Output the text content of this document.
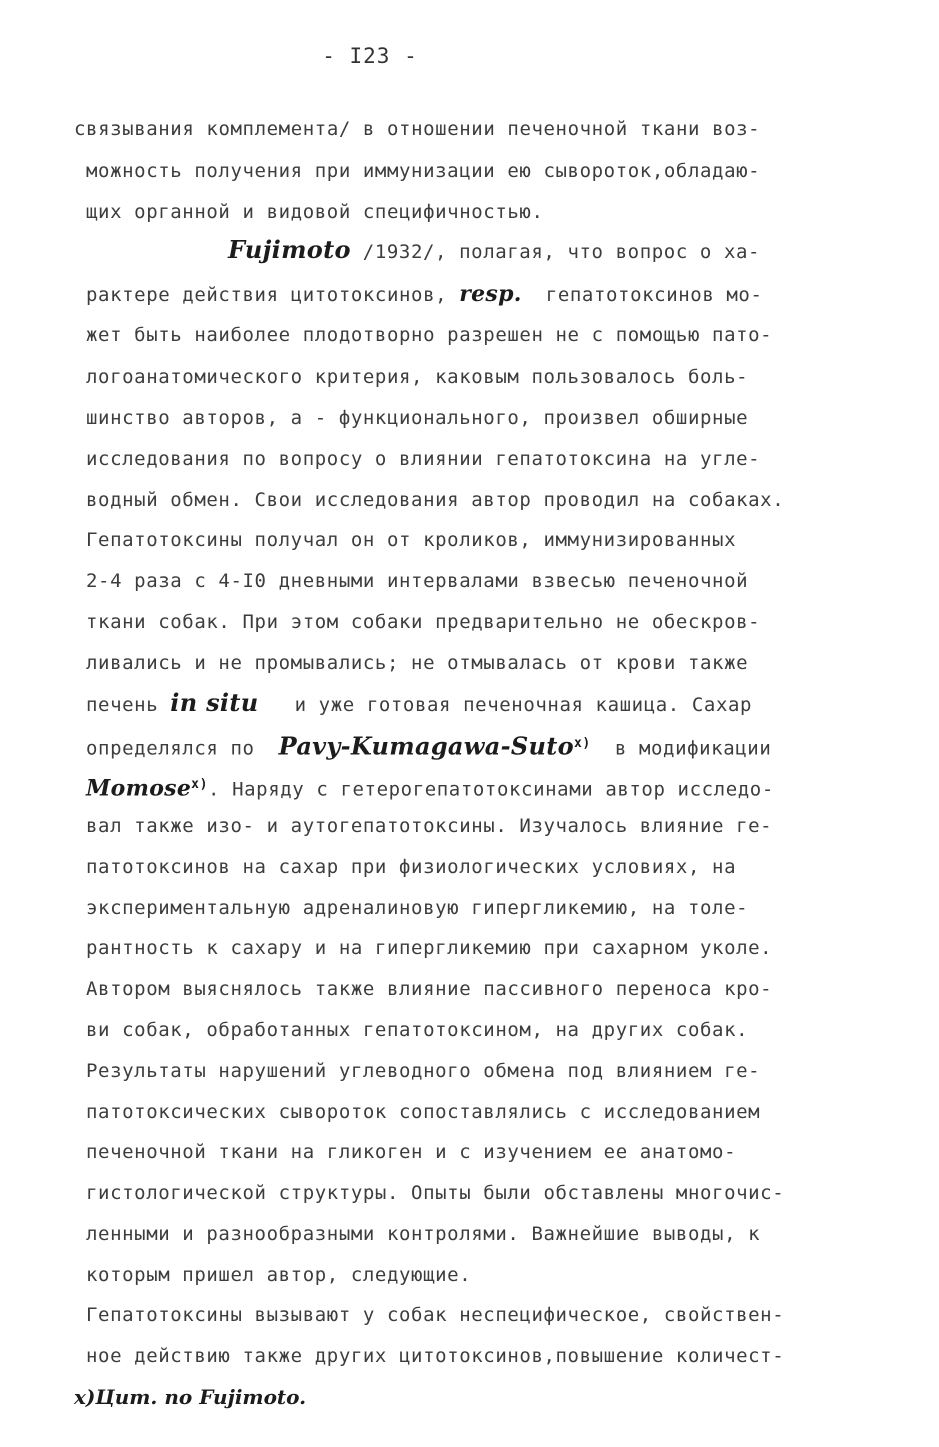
- I23 -
связывания комплемента/ в отношении печеночной ткани воз-
можность получения при иммунизации ею сывороток,обладаю-
щих органной и видовой специфичностью.
Fujimoto /1932/, полагая, что вопрос о ха-
рактере действия цитотоксинов, resp.  гепатотоксинов мо-
жет быть наиболее плодотворно разрешен не с помощью пато-
логоанатомического критерия, каковым пользовалось боль-
шинство авторов, а - функционального, произвел обширные
исследования по вопросу о влиянии гепатотоксина на угле-
водный обмен. Свои исследования автор проводил на собаках.
Гепатотоксины получал он от кроликов, иммунизированных
2-4 раза с 4-I0 дневными интервалами взвесью печеночной
ткани собак. При этом собаки предварительно не обескров-
ливались и не промывались; не отмывалась от крови также
печень in situ   и уже готовая печеночная кашица. Сахар
определялся по  Pavy-Kumagawa-Suto$^{x)}$  в модификации
Momose$^{x)}$. Наряду с гетерогепатотоксинами автор исследо-
вал также изо- и аутогепатотоксины. Изучалось влияние ге-
патотоксинов на сахар при физиологических условиях, на
экспериментальную адреналиновую гипергликемию, на толе-
рантность к сахару и на гипергликемию при сахарном уколе.
Автором выяснялось также влияние пассивного переноса кро-
ви собак, обработанных гепатотоксином, на других собак.
Результаты нарушений углеводного обмена под влиянием ге-
патотоксических сывороток сопоставлялись с исследованием
печеночной ткани на гликоген и с изучением ее анатомо-
гистологической структуры. Опыты были обставлены многочис-
ленными и разнообразными контролями. Важнейшие выводы, к
которым пришел автор, следующие.
Гепатотоксины вызывают у собак неспецифическое, свойствен-
ное действию также других цитотоксинов,повышение количест-
x)Цит. по Fujimoto.
